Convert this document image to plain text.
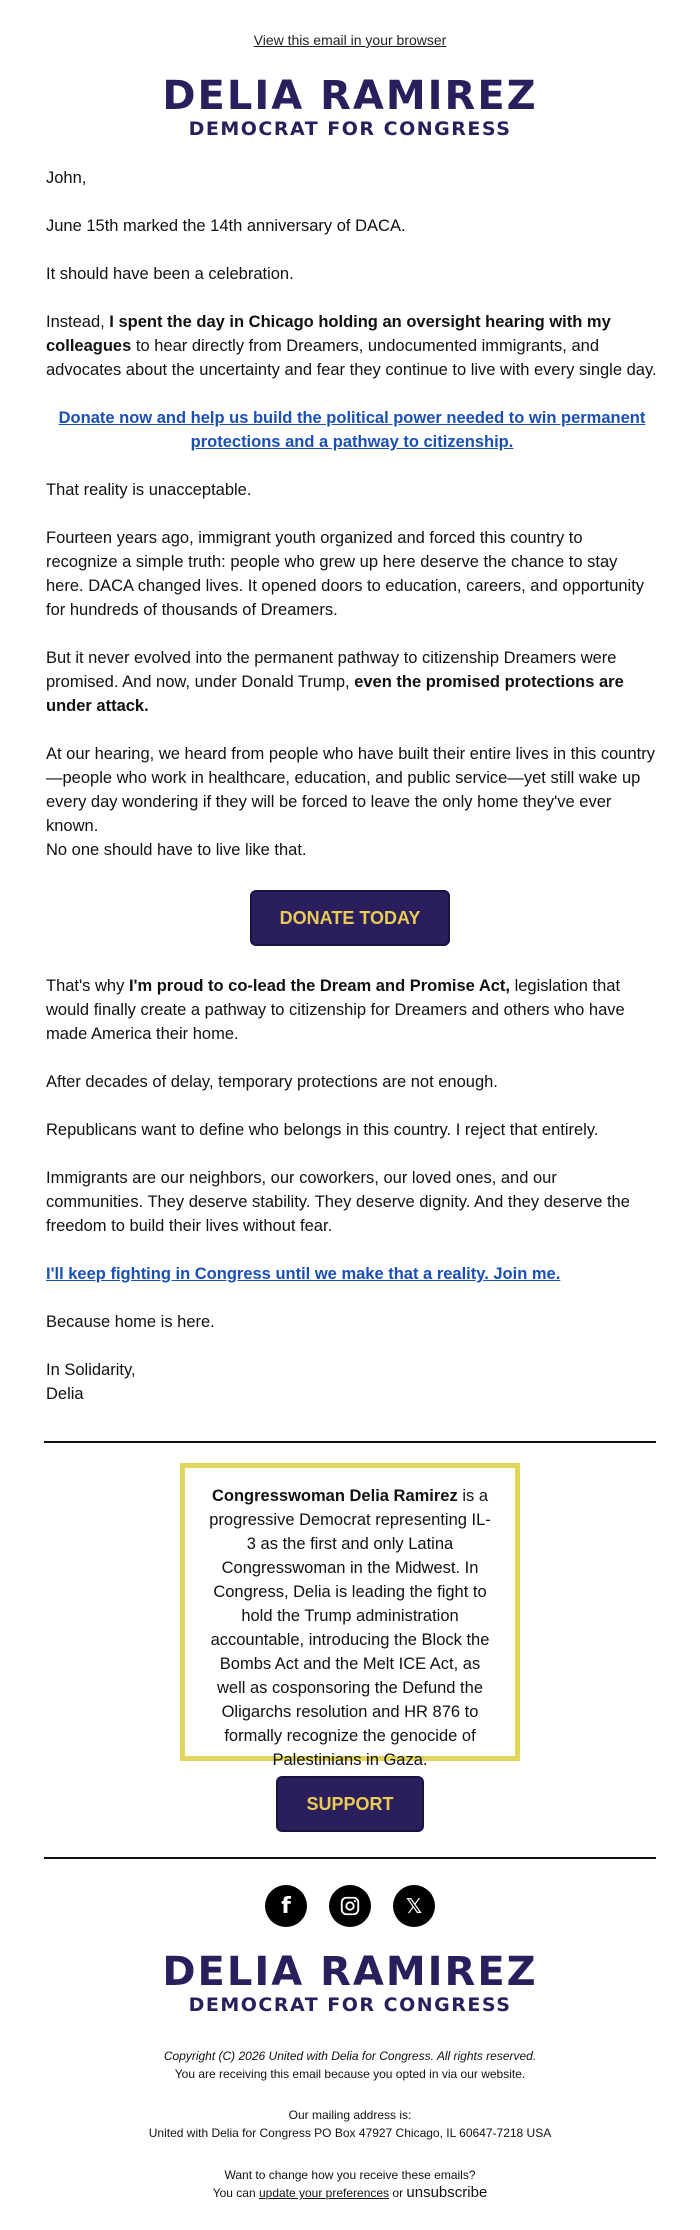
View this email in your browser
DELIA RAMIREZ
DEMOCRAT FOR CONGRESS

John,

June 15th marked the 14th anniversary of DACA.

It should have been a celebration.

Instead, I spent the day in Chicago holding an oversight hearing with my colleagues to hear directly from Dreamers, undocumented immigrants, and advocates about the uncertainty and fear they continue to live with every single day.

Donate now and help us build the political power needed to win permanent protections and a pathway to citizenship.

That reality is unacceptable.

Fourteen years ago, immigrant youth organized and forced this country to recognize a simple truth: people who grew up here deserve the chance to stay here. DACA changed lives. It opened doors to education, careers, and opportunity for hundreds of thousands of Dreamers.

But it never evolved into the permanent pathway to citizenship Dreamers were promised. And now, under Donald Trump, even the promised protections are under attack.

At our hearing, we heard from people who have built their entire lives in this country—people who work in healthcare, education, and public service—yet still wake up every day wondering if they will be forced to leave the only home they've ever known.

No one should have to live like that.

DONATE TODAY

That's why I'm proud to co-lead the Dream and Promise Act, legislation that would finally create a pathway to citizenship for Dreamers and others who have made America their home.

After decades of delay, temporary protections are not enough.

Republicans want to define who belongs in this country. I reject that entirely.

Immigrants are our neighbors, our coworkers, our loved ones, and our communities. They deserve stability. They deserve dignity. And they deserve the freedom to build their lives without fear.

I'll keep fighting in Congress until we make that a reality. Join me.

Because home is here.

In Solidarity,

Delia

Congresswoman Delia Ramirez is a progressive Democrat representing IL-3 as the first and only Latina Congresswoman in the Midwest. In Congress, Delia is leading the fight to hold the Trump administration accountable, introducing the Block the Bombs Act and the Melt ICE Act, as well as cosponsoring the Defund the Oligarchs resolution and HR 876 to formally recognize the genocide of Palestinians in Gaza.
SUPPORT
f	𝕏
DELIA RAMIREZ
DEMOCRAT FOR CONGRESS
Copyright (C) 2026 United with Delia for Congress. All rights reserved.
You are receiving this email because you opted in via our website.
Our mailing address is:
United with Delia for Congress PO Box 47927 Chicago, IL 60647-7218 USA
Want to change how you receive these emails?
You can update your preferences or unsubscribe
